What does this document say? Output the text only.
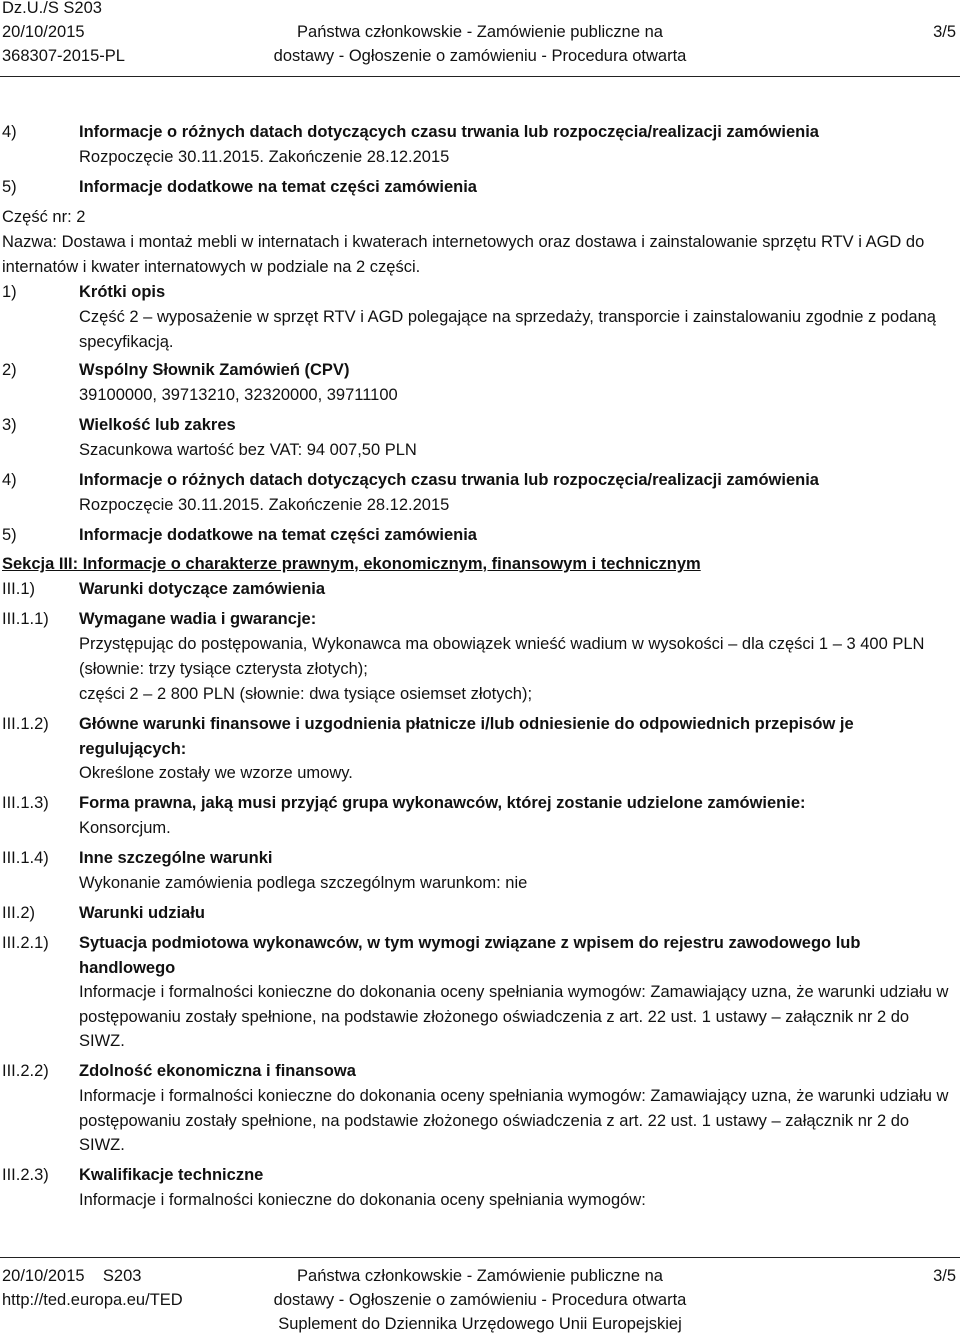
Dz.U./S S203
20/10/2015
368307-2015-PL
Państwa członkowskie - Zamówienie publiczne na
dostawy - Ogłoszenie o zamówieniu - Procedura otwarta
3/5
4)	Informacje o różnych datach dotyczących czasu trwania lub rozpoczęcia/realizacji zamówienia
Rozpoczęcie 30.11.2015. Zakończenie 28.12.2015
5)	Informacje dodatkowe na temat części zamówienia
Część nr: 2
Nazwa: Dostawa i montaż mebli w internatach i kwaterach internetowych oraz dostawa i zainstalowanie sprzętu RTV i AGD do internatów i kwater internatowych w podziale na 2 części.
1)	Krótki opis
Część 2 – wyposażenie w sprzęt RTV i AGD polegające na sprzedaży, transporcie i zainstalowaniu zgodnie z podaną specyfikacją.
2)	Wspólny Słownik Zamówień (CPV)
39100000, 39713210, 32320000, 39711100
3)	Wielkość lub zakres
Szacunkowa wartość bez VAT: 94 007,50 PLN
4)	Informacje o różnych datach dotyczących czasu trwania lub rozpoczęcia/realizacji zamówienia
Rozpoczęcie 30.11.2015. Zakończenie 28.12.2015
5)	Informacje dodatkowe na temat części zamówienia
Sekcja III: Informacje o charakterze prawnym, ekonomicznym, finansowym i technicznym
III.1)	Warunki dotyczące zamówienia
III.1.1) Wymagane wadia i gwarancje:
Przystępując do postępowania, Wykonawca ma obowiązek wnieść wadium w wysokości – dla części 1 – 3 400 PLN (słownie: trzy tysiące czterysta złotych);
części 2 – 2 800 PLN (słownie: dwa tysiące osiemset złotych);
III.1.2) Główne warunki finansowe i uzgodnienia płatnicze i/lub odniesienie do odpowiednich przepisów je regulujących:
Określone zostały we wzorze umowy.
III.1.3) Forma prawna, jaką musi przyjąć grupa wykonawców, której zostanie udzielone zamówienie:
Konsorcjum.
III.1.4) Inne szczególne warunki
Wykonanie zamówienia podlega szczególnym warunkom: nie
III.2)	Warunki udziału
III.2.1) Sytuacja podmiotowa wykonawców, w tym wymogi związane z wpisem do rejestru zawodowego lub handlowego
Informacje i formalności konieczne do dokonania oceny spełniania wymogów: Zamawiający uzna, że warunki udziału w postępowaniu zostały spełnione, na podstawie złożonego oświadczenia z art. 22 ust. 1 ustawy – załącznik nr 2 do SIWZ.
III.2.2) Zdolność ekonomiczna i finansowa
Informacje i formalności konieczne do dokonania oceny spełniania wymogów: Zamawiający uzna, że warunki udziału w postępowaniu zostały spełnione, na podstawie złożonego oświadczenia z art. 22 ust. 1 ustawy – załącznik nr 2 do SIWZ.
III.2.3) Kwalifikacje techniczne
Informacje i formalności konieczne do dokonania oceny spełniania wymogów:
20/10/2015    S203
http://ted.europa.eu/TED
Państwa członkowskie - Zamówienie publiczne na
dostawy - Ogłoszenie o zamówieniu - Procedura otwarta
Suplement do Dziennika Urzędowego Unii Europejskiej
3/5
